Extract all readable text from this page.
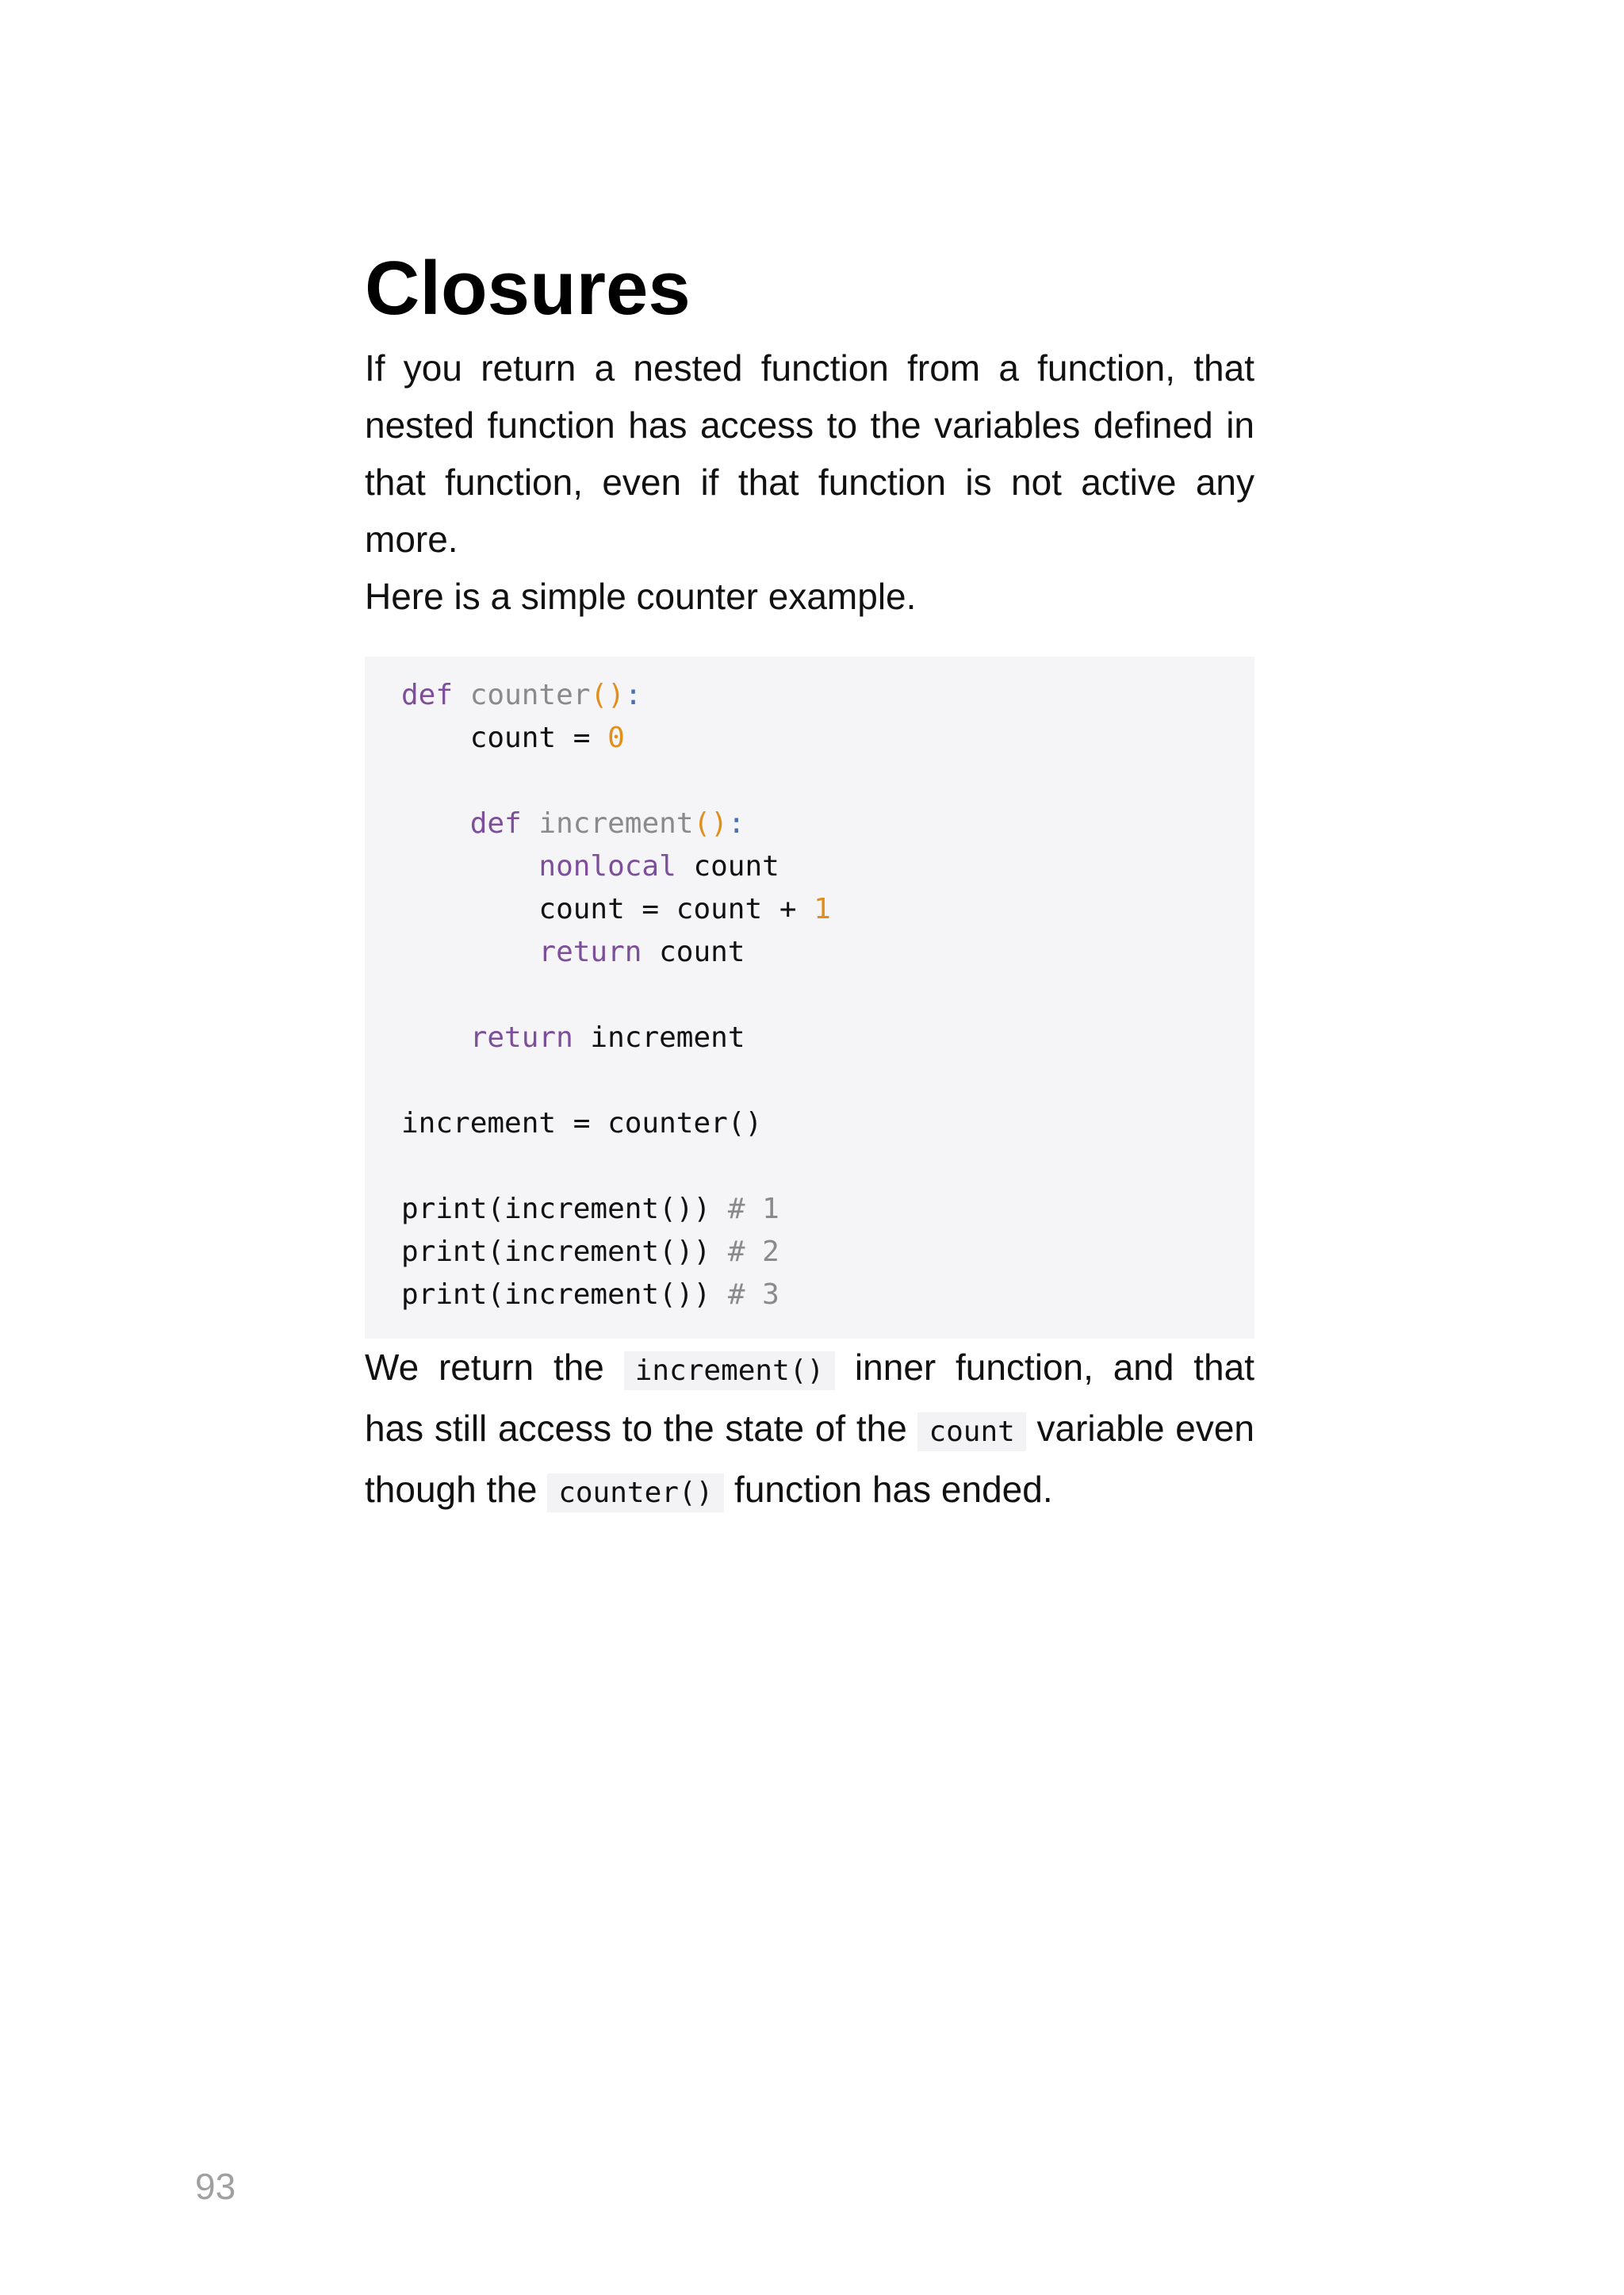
Closures

If you return a nested function from a function, that nested function has access to the variables defined in that function, even if that function is not active any more.

Here is a simple counter example.

def counter():
count = 0
def increment():
nonlocal count
count = count + 1
return count
return increment
increment = counter()
print(increment()) # 1
print(increment()) # 2
print(increment()) # 3

We return the increment() inner function, and that has still access to the state of the count variable even though the counter() function has ended.

93
